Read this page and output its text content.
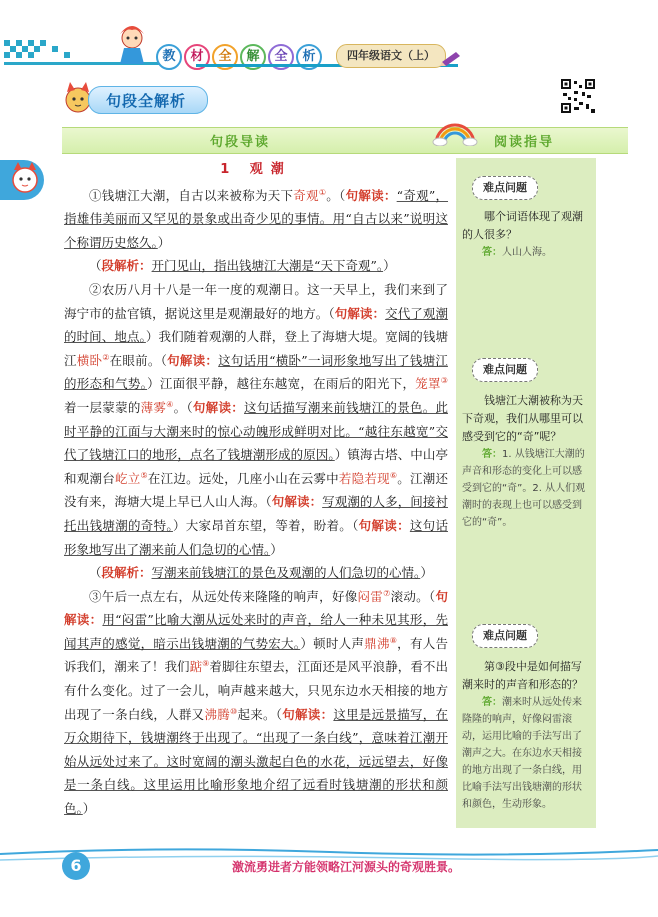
教	材	全	解	全	析	四年级语文（上）
句段全解析
句段导读	阅读指导

1 观潮

①钱塘江大潮，自古以来被称为天下奇观①。（句解读：“奇观”，指雄伟美丽而又罕见的景象或出奇少见的事情。用“自古以来”说明这个称谓历史悠久。）

（段解析：开门见山，指出钱塘江大潮是“天下奇观”。）

②农历八月十八是一年一度的观潮日。这一天早上，我们来到了海宁市的盐官镇，据说这里是观潮最好的地方。（句解读：交代了观潮的时间、地点。）我们随着观潮的人群，登上了海塘大堤。宽阔的钱塘江横卧②在眼前。（句解读：这句话用“横卧”一词形象地写出了钱塘江的形态和气势。）江面很平静，越往东越宽，在雨后的阳光下，笼罩③着一层蒙蒙的薄雾④。（句解读：这句话描写潮来前钱塘江的景色。此时平静的江面与大潮来时的惊心动魄形成鲜明对比。“越往东越宽”交代了钱塘江口的地形，点名了钱塘潮形成的原因。）镇海古塔、中山亭和观潮台屹立⑤在江边。远处，几座小山在云雾中若隐若现⑥。江潮还没有来，海塘大堤上早已人山人海。（句解读：写观潮的人多，间接衬托出钱塘潮的奇特。）大家昂首东望，等着，盼着。（句解读：这句话形象地写出了潮来前人们急切的心情。）

（段解析：写潮来前钱塘江的景色及观潮的人们急切的心情。）

③午后一点左右，从远处传来隆隆的响声，好像闷雷⑦滚动。（句解读：用“闷雷”比喻大潮从远处来时的声音，给人一种未见其形，先闻其声的感觉，暗示出钱塘潮的气势宏大。）顿时人声鼎沸⑧，有人告诉我们，潮来了！我们踮⑨着脚往东望去，江面还是风平浪静，看不出有什么变化。过了一会儿，响声越来越大，只见东边水天相接的地方出现了一条白线，人群又沸腾⑩起来。（句解读：这里是远景描写，在万众期待下，钱塘潮终于出现了。“出现了一条白线”，意味着江潮开始从远处过来了。这时宽阔的潮头激起白色的水花，远远望去，好像是一条白线。这里运用比喻形象地介绍了远看时钱塘潮的形状和颜色。）

难点问题

哪个词语体现了观潮的人很多？

答：人山人海。

难点问题

钱塘江大潮被称为天下奇观，我们从哪里可以感受到它的“奇”呢？

答：1. 从钱塘江大潮的声音和形态的变化上可以感受到它的“奇”。2. 从人们观潮时的表现上也可以感受到它的“奇”。

难点问题

第③段中是如何描写潮来时的声音和形态的？

答：潮来时从远处传来隆隆的响声，好像闷雷滚动，运用比喻的手法写出了潮声之大。在东边水天相接的地方出现了一条白线，用比喻手法写出钱塘潮的形状和颜色，生动形象。

6	激流勇进者方能领略江河源头的奇观胜景。
